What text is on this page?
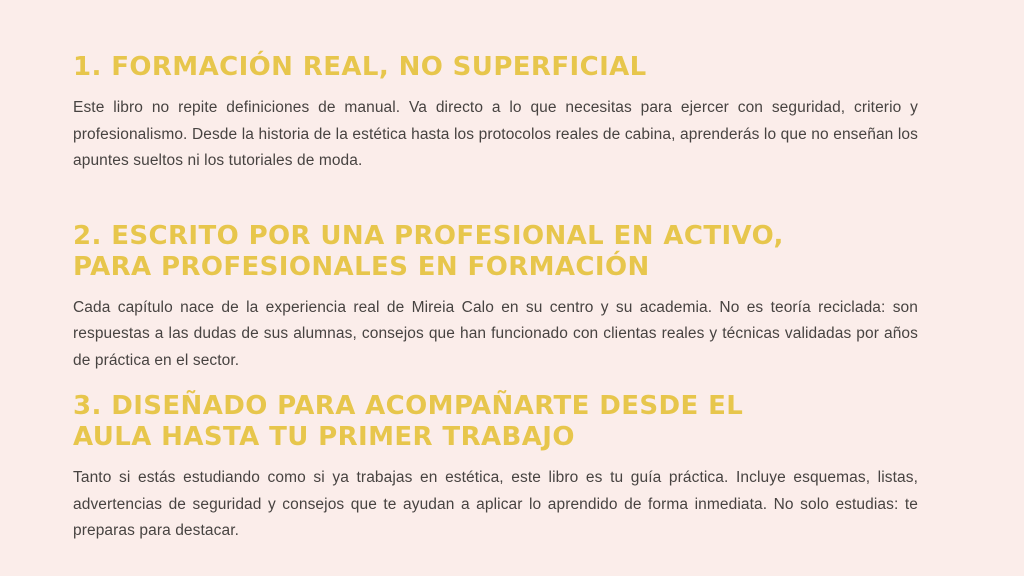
1. FORMACIÓN REAL, NO SUPERFICIAL

Este libro no repite definiciones de manual. Va directo a lo que necesitas para ejercer con seguridad, criterio y profesionalismo. Desde la historia de la estética hasta los protocolos reales de cabina, aprenderás lo que no enseñan los apuntes sueltos ni los tutoriales de moda.

2. ESCRITO POR UNA PROFESIONAL EN ACTIVO,
PARA PROFESIONALES EN FORMACIÓN

Cada capítulo nace de la experiencia real de Mireia Calo en su centro y su academia. No es teoría reciclada: son respuestas a las dudas de sus alumnas, consejos que han funcionado con clientas reales y técnicas validadas por años de práctica en el sector.

3. DISEÑADO PARA ACOMPAÑARTE DESDE EL
AULA HASTA TU PRIMER TRABAJO

Tanto si estás estudiando como si ya trabajas en estética, este libro es tu guía práctica. Incluye esquemas, listas, advertencias de seguridad y consejos que te ayudan a aplicar lo aprendido de forma inmediata. No solo estudias: te preparas para destacar.
